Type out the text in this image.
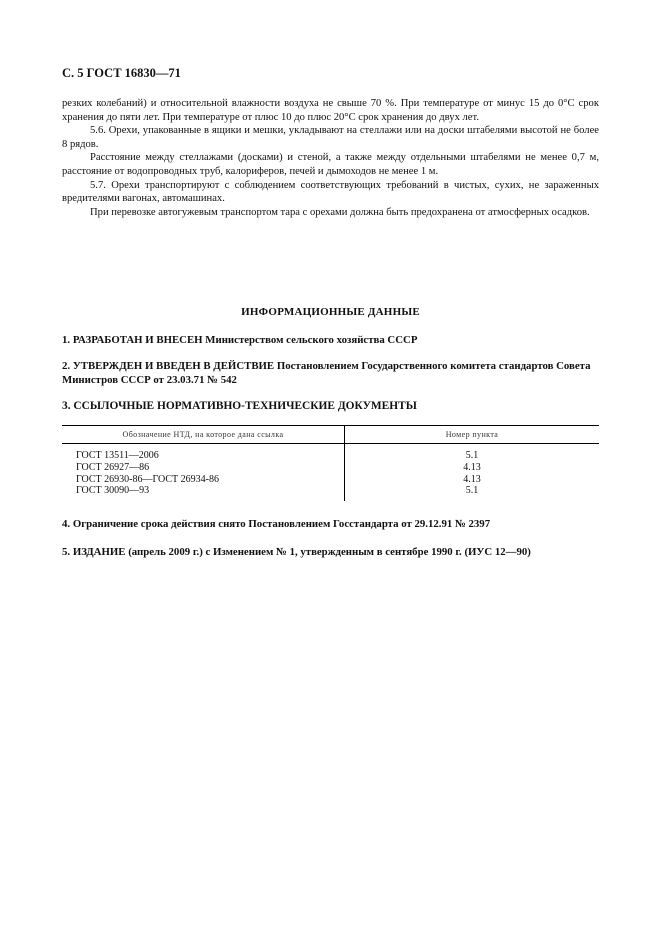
С. 5 ГОСТ 16830—71

резких колебаний) и относительной влажности воздуха не свыше 70 %. При температуре от минус 15 до 0°С срок хранения до пяти лет. При температуре от плюс 10 до плюс 20°С срок хранения до двух лет.

5.6. Орехи, упакованные в ящики и мешки, укладывают на стеллажи или на доски штабелями высотой не более 8 рядов.

Расстояние между стеллажами (досками) и стеной, а также между отдельными штабелями не менее 0,7 м, расстояние от водопроводных труб, калориферов, печей и дымоходов не менее 1 м.

5.7. Орехи транспортируют с соблюдением соответствующих требований в чистых, сухих, не зараженных вредителями вагонах, автомашинах.

При перевозке автогужевым транспортом тара с орехами должна быть предохранена от атмосферных осадков.

ИНФОРМАЦИОННЫЕ ДАННЫЕ
1. РАЗРАБОТАН И ВНЕСЕН Министерством сельского хозяйства СССР
2. УТВЕРЖДЕН И ВВЕДЕН В ДЕЙСТВИЕ Постановлением Государственного комитета стандартов Совета Министров СССР от 23.03.71 № 542
3. ССЫЛОЧНЫЕ НОРМАТИВНО-ТЕХНИЧЕСКИЕ ДОКУМЕНТЫ
Обозначение НТД, на которое дана ссылка	Номер пункта
ГОСТ 13511—2006	5.1
ГОСТ 26927—86	4.13
ГОСТ 26930-86—ГОСТ 26934-86	4.13
ГОСТ 30090—93	5.1
4. Ограничение срока действия снято Постановлением Госстандарта от 29.12.91 № 2397
5. ИЗДАНИЕ (апрель 2009 г.) с Изменением № 1, утвержденным в сентябре 1990 г. (ИУС 12—90)
